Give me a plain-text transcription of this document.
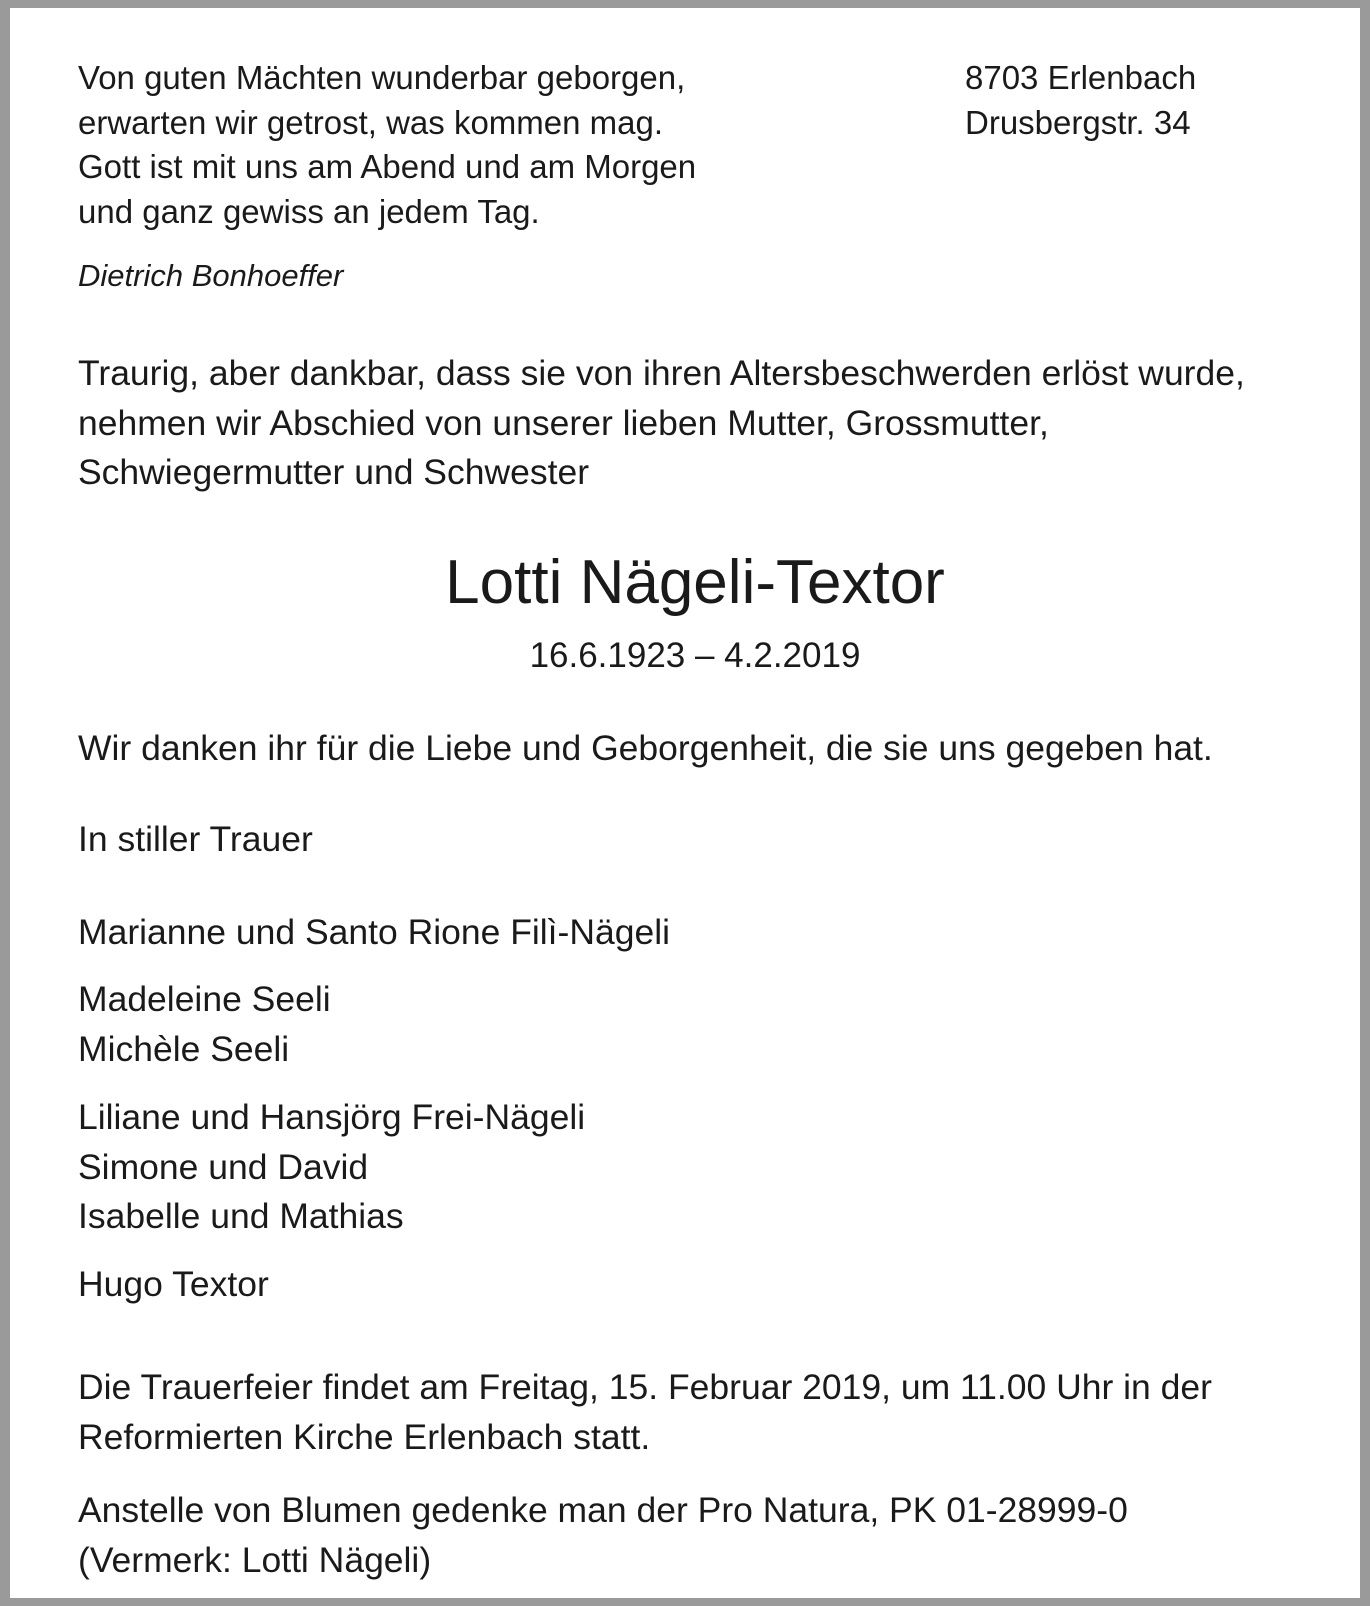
Von guten Mächten wunderbar geborgen,
erwarten wir getrost, was kommen mag.
Gott ist mit uns am Abend und am Morgen
und ganz gewiss an jedem Tag.

Dietrich Bonhoeffer

8703 Erlenbach
Drusbergstr. 34

Traurig, aber dankbar, dass sie von ihren Altersbeschwerden erlöst wurde,
nehmen wir Abschied von unserer lieben Mutter, Grossmutter,
Schwiegermutter und Schwester

Lotti Nägeli-Textor

16.6.1923 – 4.2.2019

Wir danken ihr für die Liebe und Geborgenheit, die sie uns gegeben hat.

In stiller Trauer

Marianne und Santo Rione Filì-Nägeli

Madeleine Seeli
Michèle Seeli

Liliane und Hansjörg Frei-Nägeli
Simone und David
Isabelle und Mathias

Hugo Textor

Die Trauerfeier findet am Freitag, 15. Februar 2019, um 11.00 Uhr in der
Reformierten Kirche Erlenbach statt.

Anstelle von Blumen gedenke man der Pro Natura, PK 01-28999-0
(Vermerk: Lotti Nägeli)
